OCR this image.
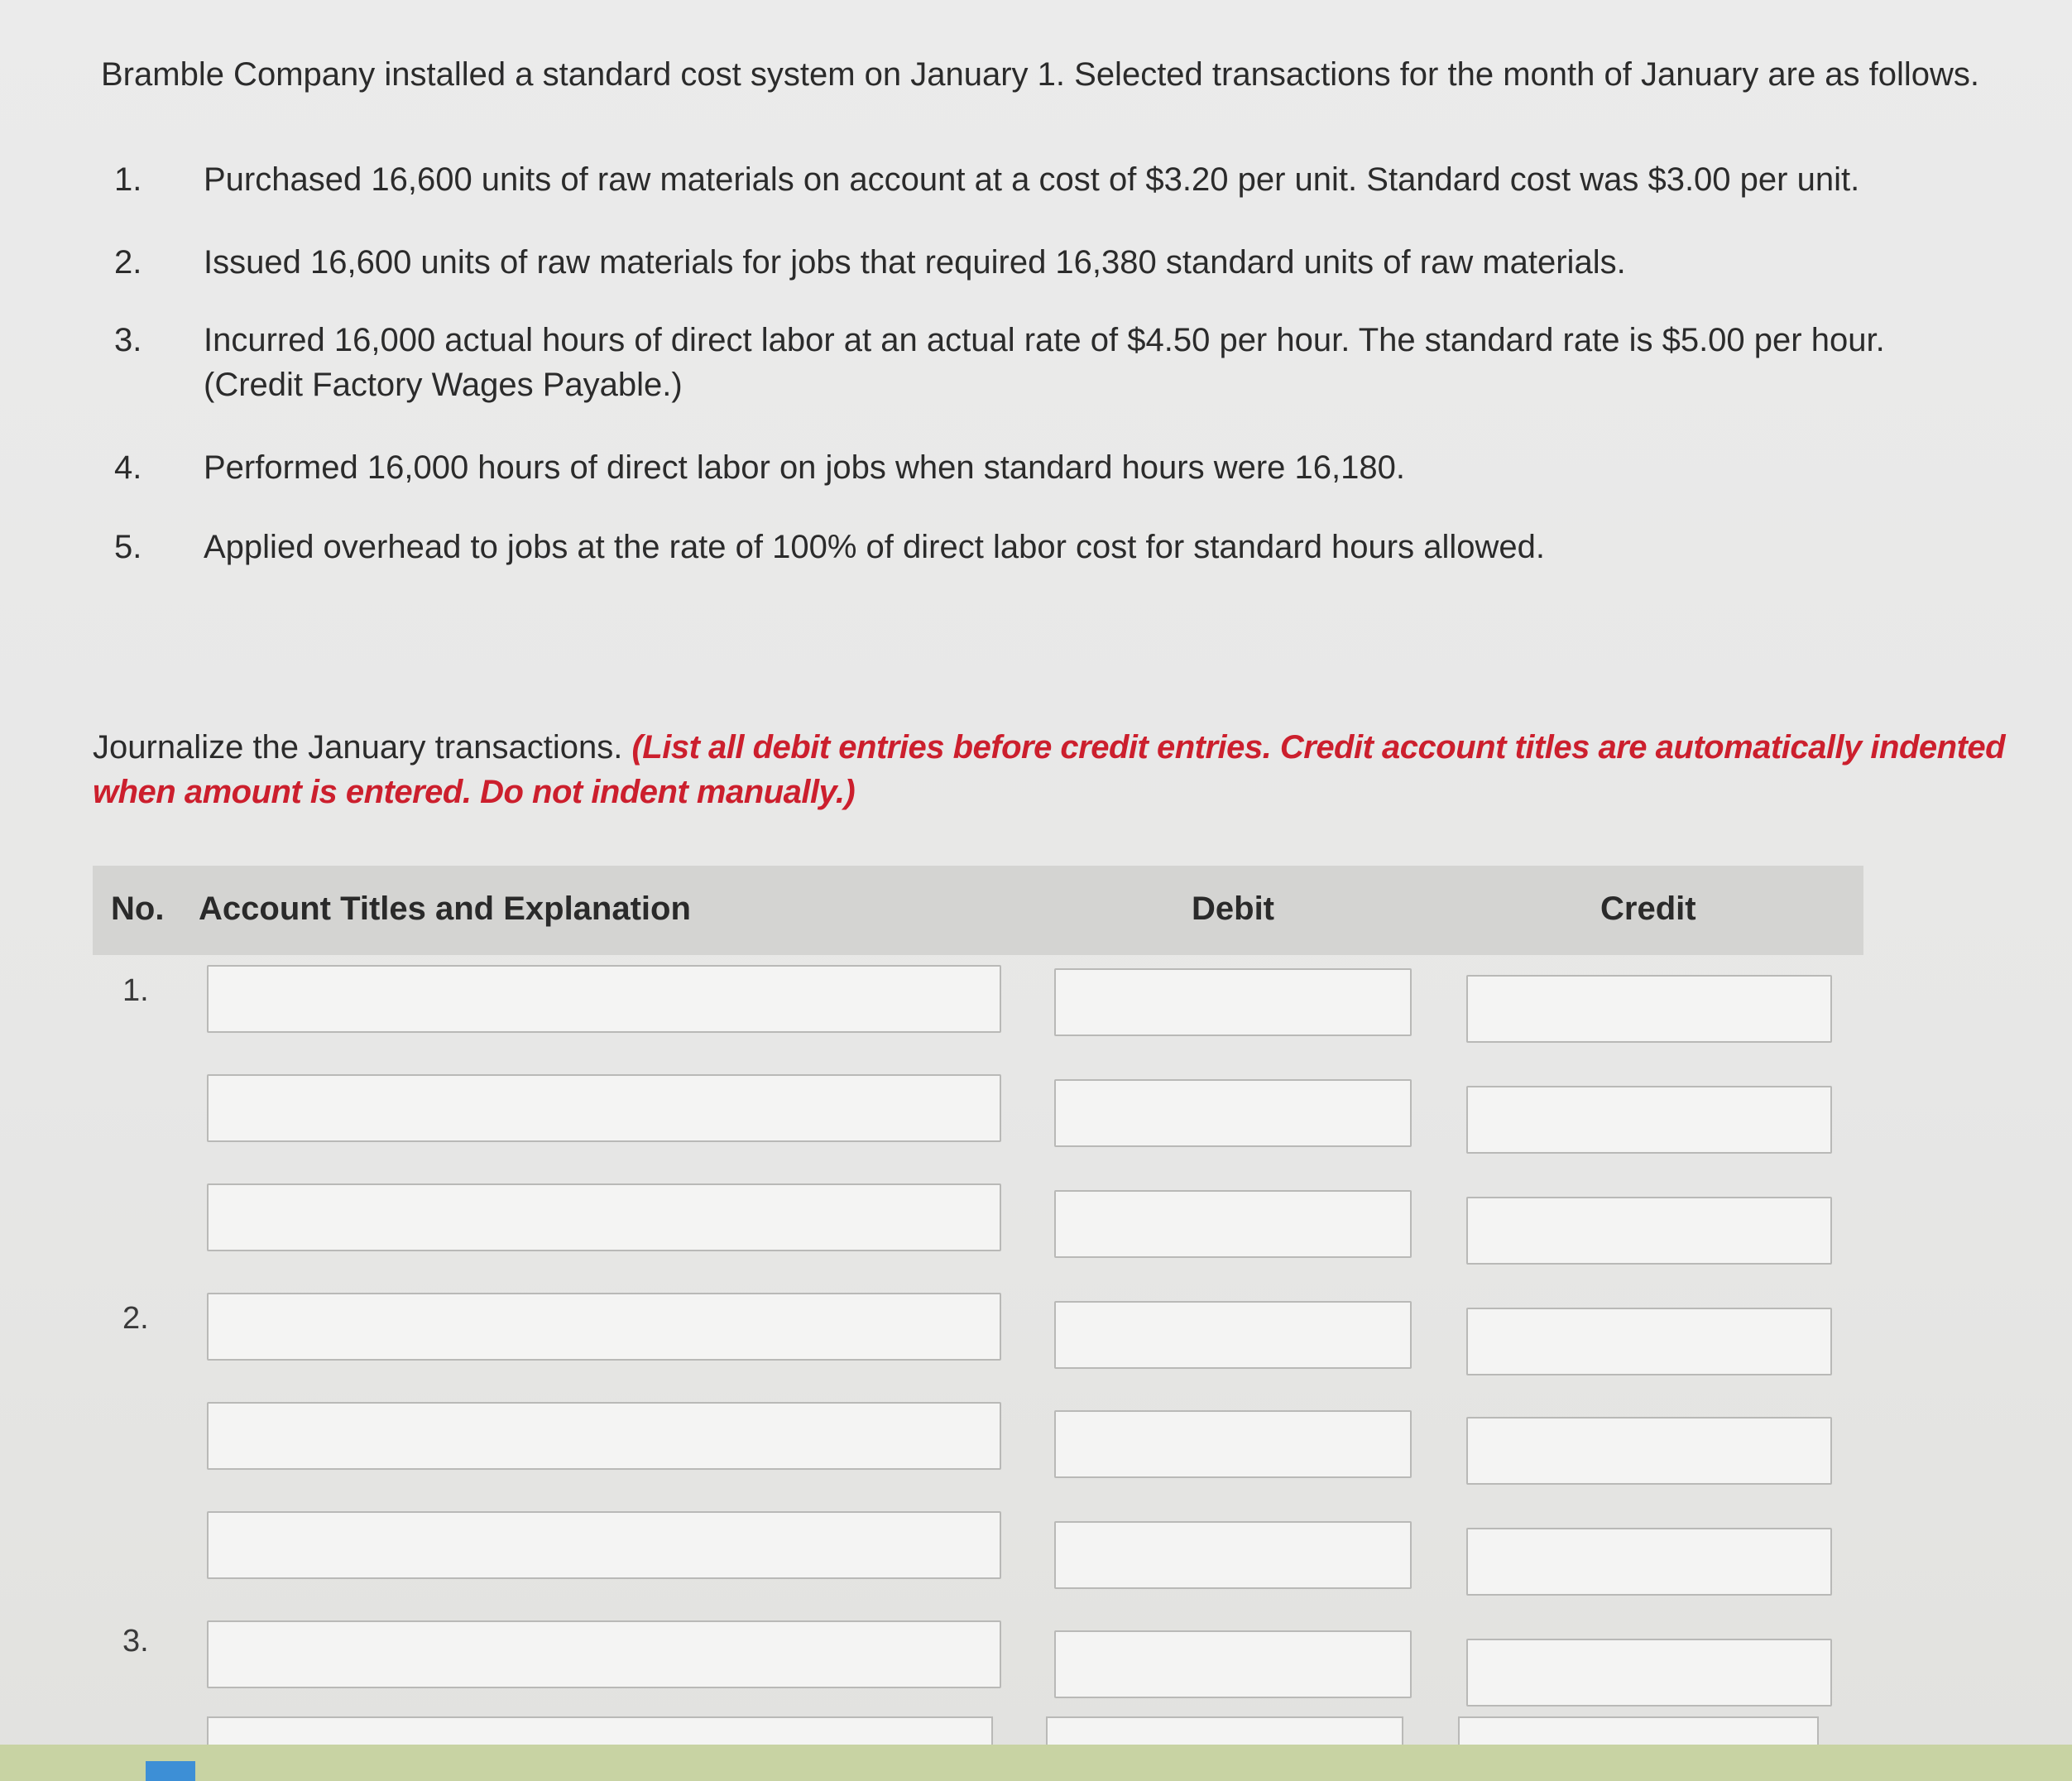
Bramble Company installed a standard cost system on January 1. Selected transactions for the month of January are as follows.

1.	Purchased 16,600 units of raw materials on account at a cost of $3.20 per unit. Standard cost was $3.00 per unit.
2.	Issued 16,600 units of raw materials for jobs that required 16,380 standard units of raw materials.
3.	Incurred 16,000 actual hours of direct labor at an actual rate of $4.50 per hour. The standard rate is $5.00 per hour. (Credit Factory Wages Payable.)
4.	Performed 16,000 hours of direct labor on jobs when standard hours were 16,180.
5.	Applied overhead to jobs at the rate of 100% of direct labor cost for standard hours allowed.
Journalize the January transactions. (List all debit entries before credit entries. Credit account titles are automatically indented when amount is entered. Do not indent manually.)
No. Account Titles and Explanation	Debit	Credit
1.
2.
3.
